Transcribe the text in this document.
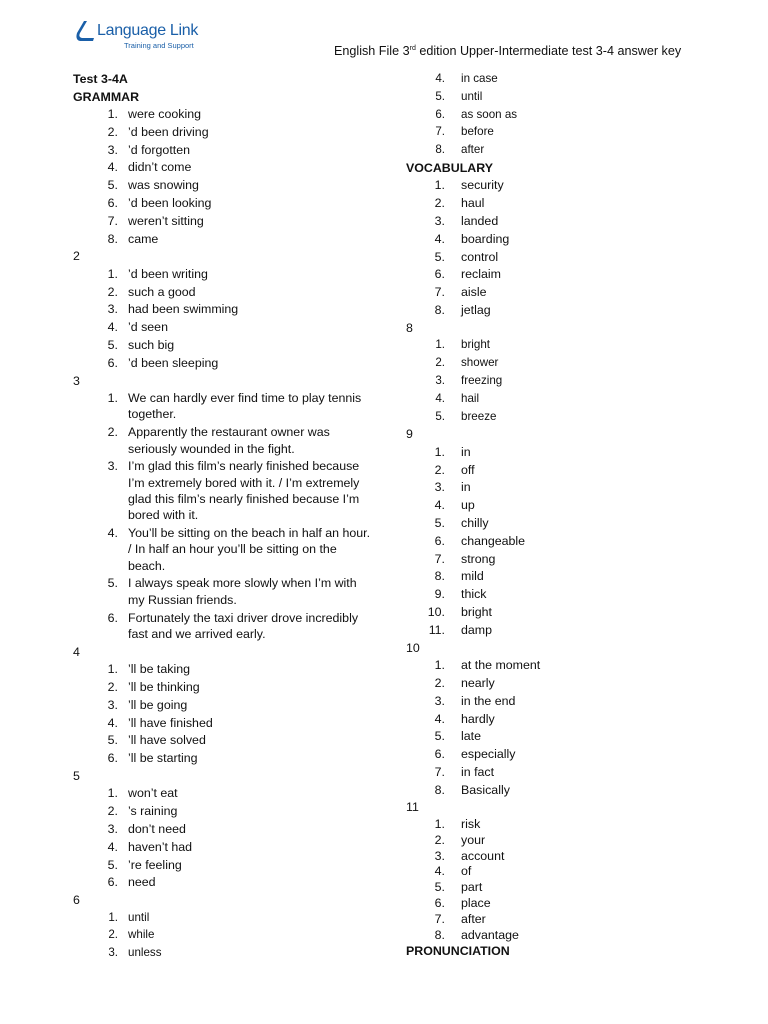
Language Link
Training and Support	English File 3rd edition Upper-Intermediate test 3-4 answer key
Test 3-4A
GRAMMAR
1. were cooking
2. ’d been driving
3. ’d forgotten
4. didn’t come
5. was snowing
6. ’d been looking
7. weren’t sitting
8. came
2
1. ’d been writing
2. such a good
3. had been swimming
4. ’d seen
5. such big
6. ’d been sleeping
3
1. We can hardly ever find time to play tennis together.
2. Apparently the restaurant owner was seriously wounded in the fight.
3. I’m glad this film’s nearly finished because I’m extremely bored with it. / I’m extremely glad this film’s nearly finished because I’m bored with it.
4. You’ll be sitting on the beach in half an hour. / In half an hour you’ll be sitting on the beach.
5. I always speak more slowly when I’m with my Russian friends.
6. Fortunately the taxi driver drove incredibly fast and we arrived early.
4
1. ’ll be taking
2. ’ll be thinking
3. ’ll be going
4. ’ll have finished
5. ’ll have solved
6. ’ll be starting
5
1. won’t eat
2. ’s raining
3. don’t need
4. haven’t had
5. ’re feeling
6. need
6
1. until
2. while
3. unless
4. in case
5. until
6. as soon as
7. before
8. after
VOCABULARY
1. security
2. haul
3. landed
4. boarding
5. control
6. reclaim
7. aisle
8. jetlag
8
1. bright
2. shower
3. freezing
4. hail
5. breeze
9
1. in
2. off
3. in
4. up
5. chilly
6. changeable
7. strong
8. mild
9. thick
10. bright
11. damp
10
1. at the moment
2. nearly
3. in the end
4. hardly
5. late
6. especially
7. in fact
8. Basically
11
1. risk
2. your
3. account
4. of
5. part
6. place
7. after
8. advantage
PRONUNCIATION
